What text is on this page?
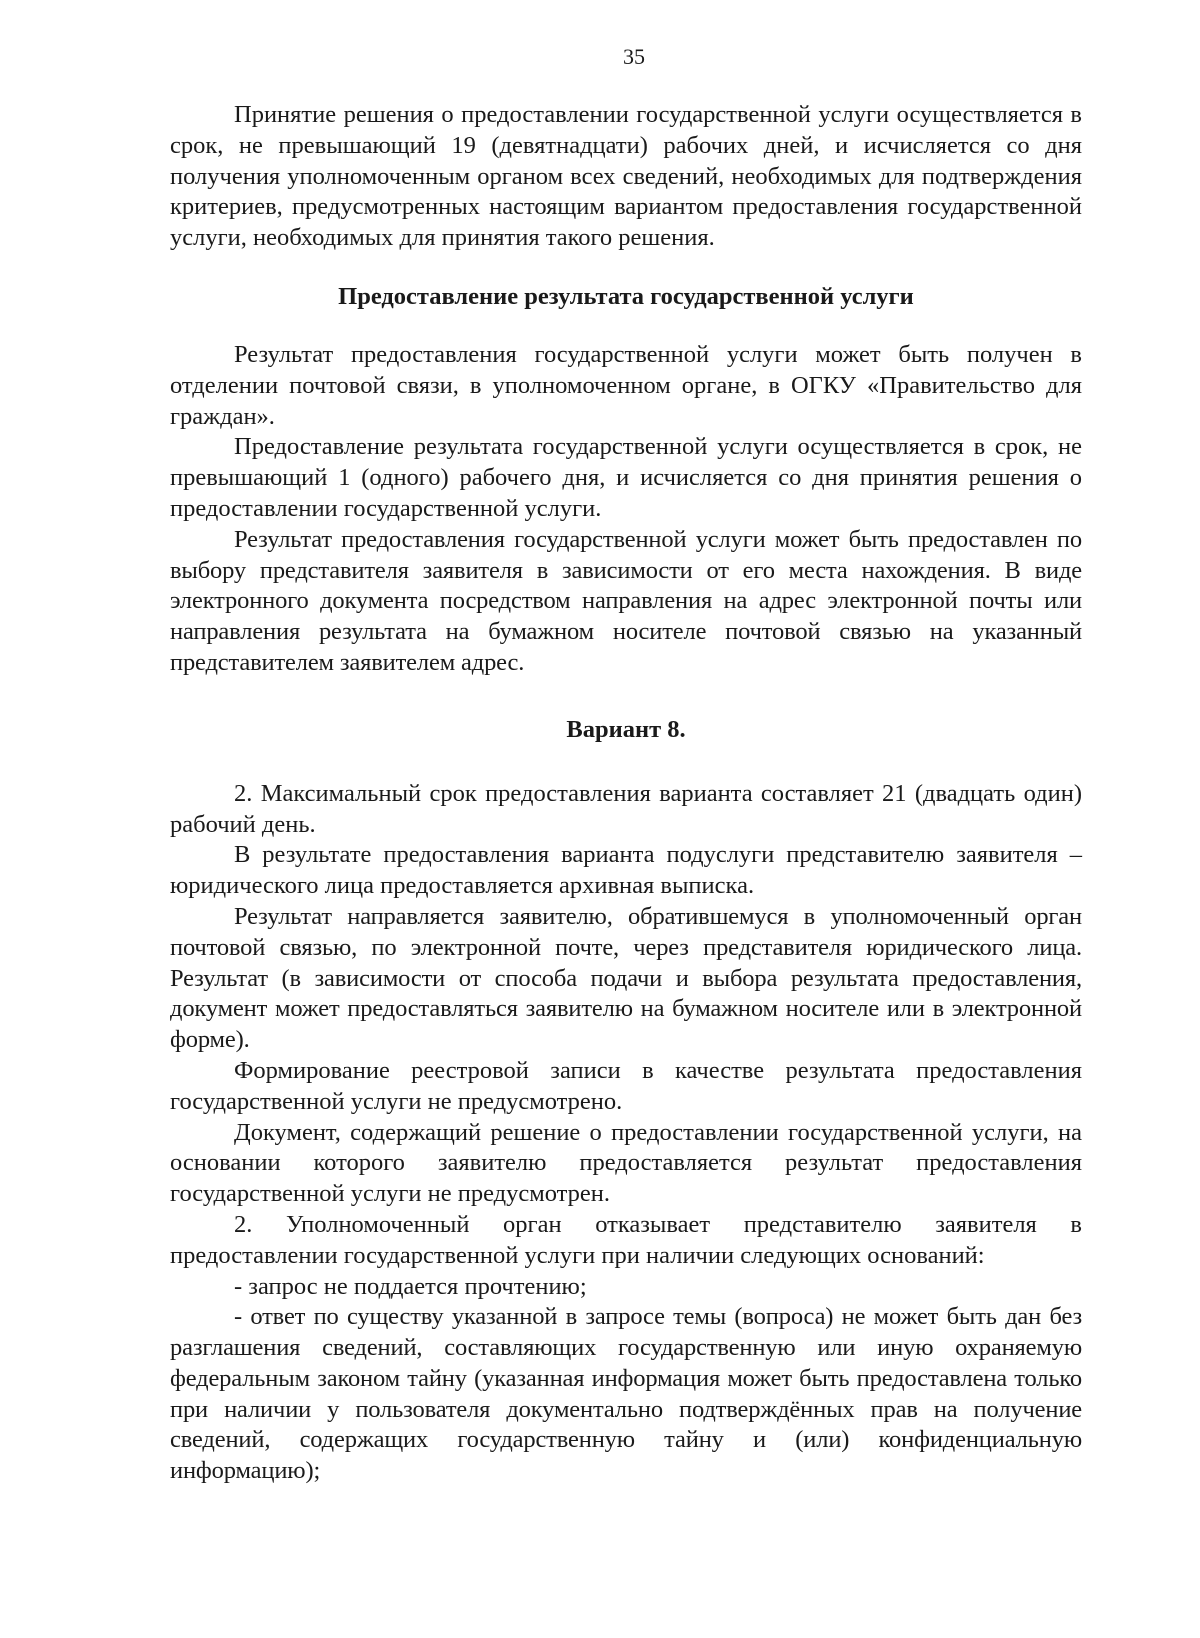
35

Принятие решения о предоставлении государственной услуги осуществляется в срок, не превышающий 19 (девятнадцати) рабочих дней, и исчисляется со дня получения уполномоченным органом всех сведений, необходимых для подтверждения критериев, предусмотренных настоящим вариантом предоставления государственной услуги, необходимых для принятия такого решения.

Предоставление результата государственной услуги

Результат предоставления государственной услуги может быть получен в отделении почтовой связи, в уполномоченном органе, в ОГКУ «Правительство для граждан».

Предоставление результата государственной услуги осуществляется в срок, не превышающий 1 (одного) рабочего дня, и исчисляется со дня принятия решения о предоставлении государственной услуги.

Результат предоставления государственной услуги может быть предоставлен по выбору представителя заявителя в зависимости от его места нахождения. В виде электронного документа посредством направления на адрес электронной почты или направления результата на бумажном носителе почтовой связью на указанный представителем заявителем адрес.

Вариант 8.

2. Максимальный срок предоставления варианта составляет 21 (двадцать один) рабочий день.

В результате предоставления варианта подуслуги представителю заявителя – юридического лица предоставляется архивная выписка.

Результат направляется заявителю, обратившемуся в уполномоченный орган почтовой связью, по электронной почте, через представителя юридического лица. Результат (в зависимости от способа подачи и выбора результата предоставления, документ может предоставляться заявителю на бумажном носителе или в электронной форме).

Формирование реестровой записи в качестве результата предоставления государственной услуги не предусмотрено.

Документ, содержащий решение о предоставлении государственной услуги, на основании которого заявителю предоставляется результат предоставления государственной услуги не предусмотрен.

2. Уполномоченный орган отказывает представителю заявителя в предоставлении государственной услуги при наличии следующих оснований:

- запрос не поддается прочтению;

- ответ по существу указанной в запросе темы (вопроса) не может быть дан без разглашения сведений, составляющих государственную или иную охраняемую федеральным законом тайну (указанная информация может быть предоставлена только при наличии у пользователя документально подтверждённых прав на получение сведений, содержащих государственную тайну и (или) конфиденциальную информацию);
